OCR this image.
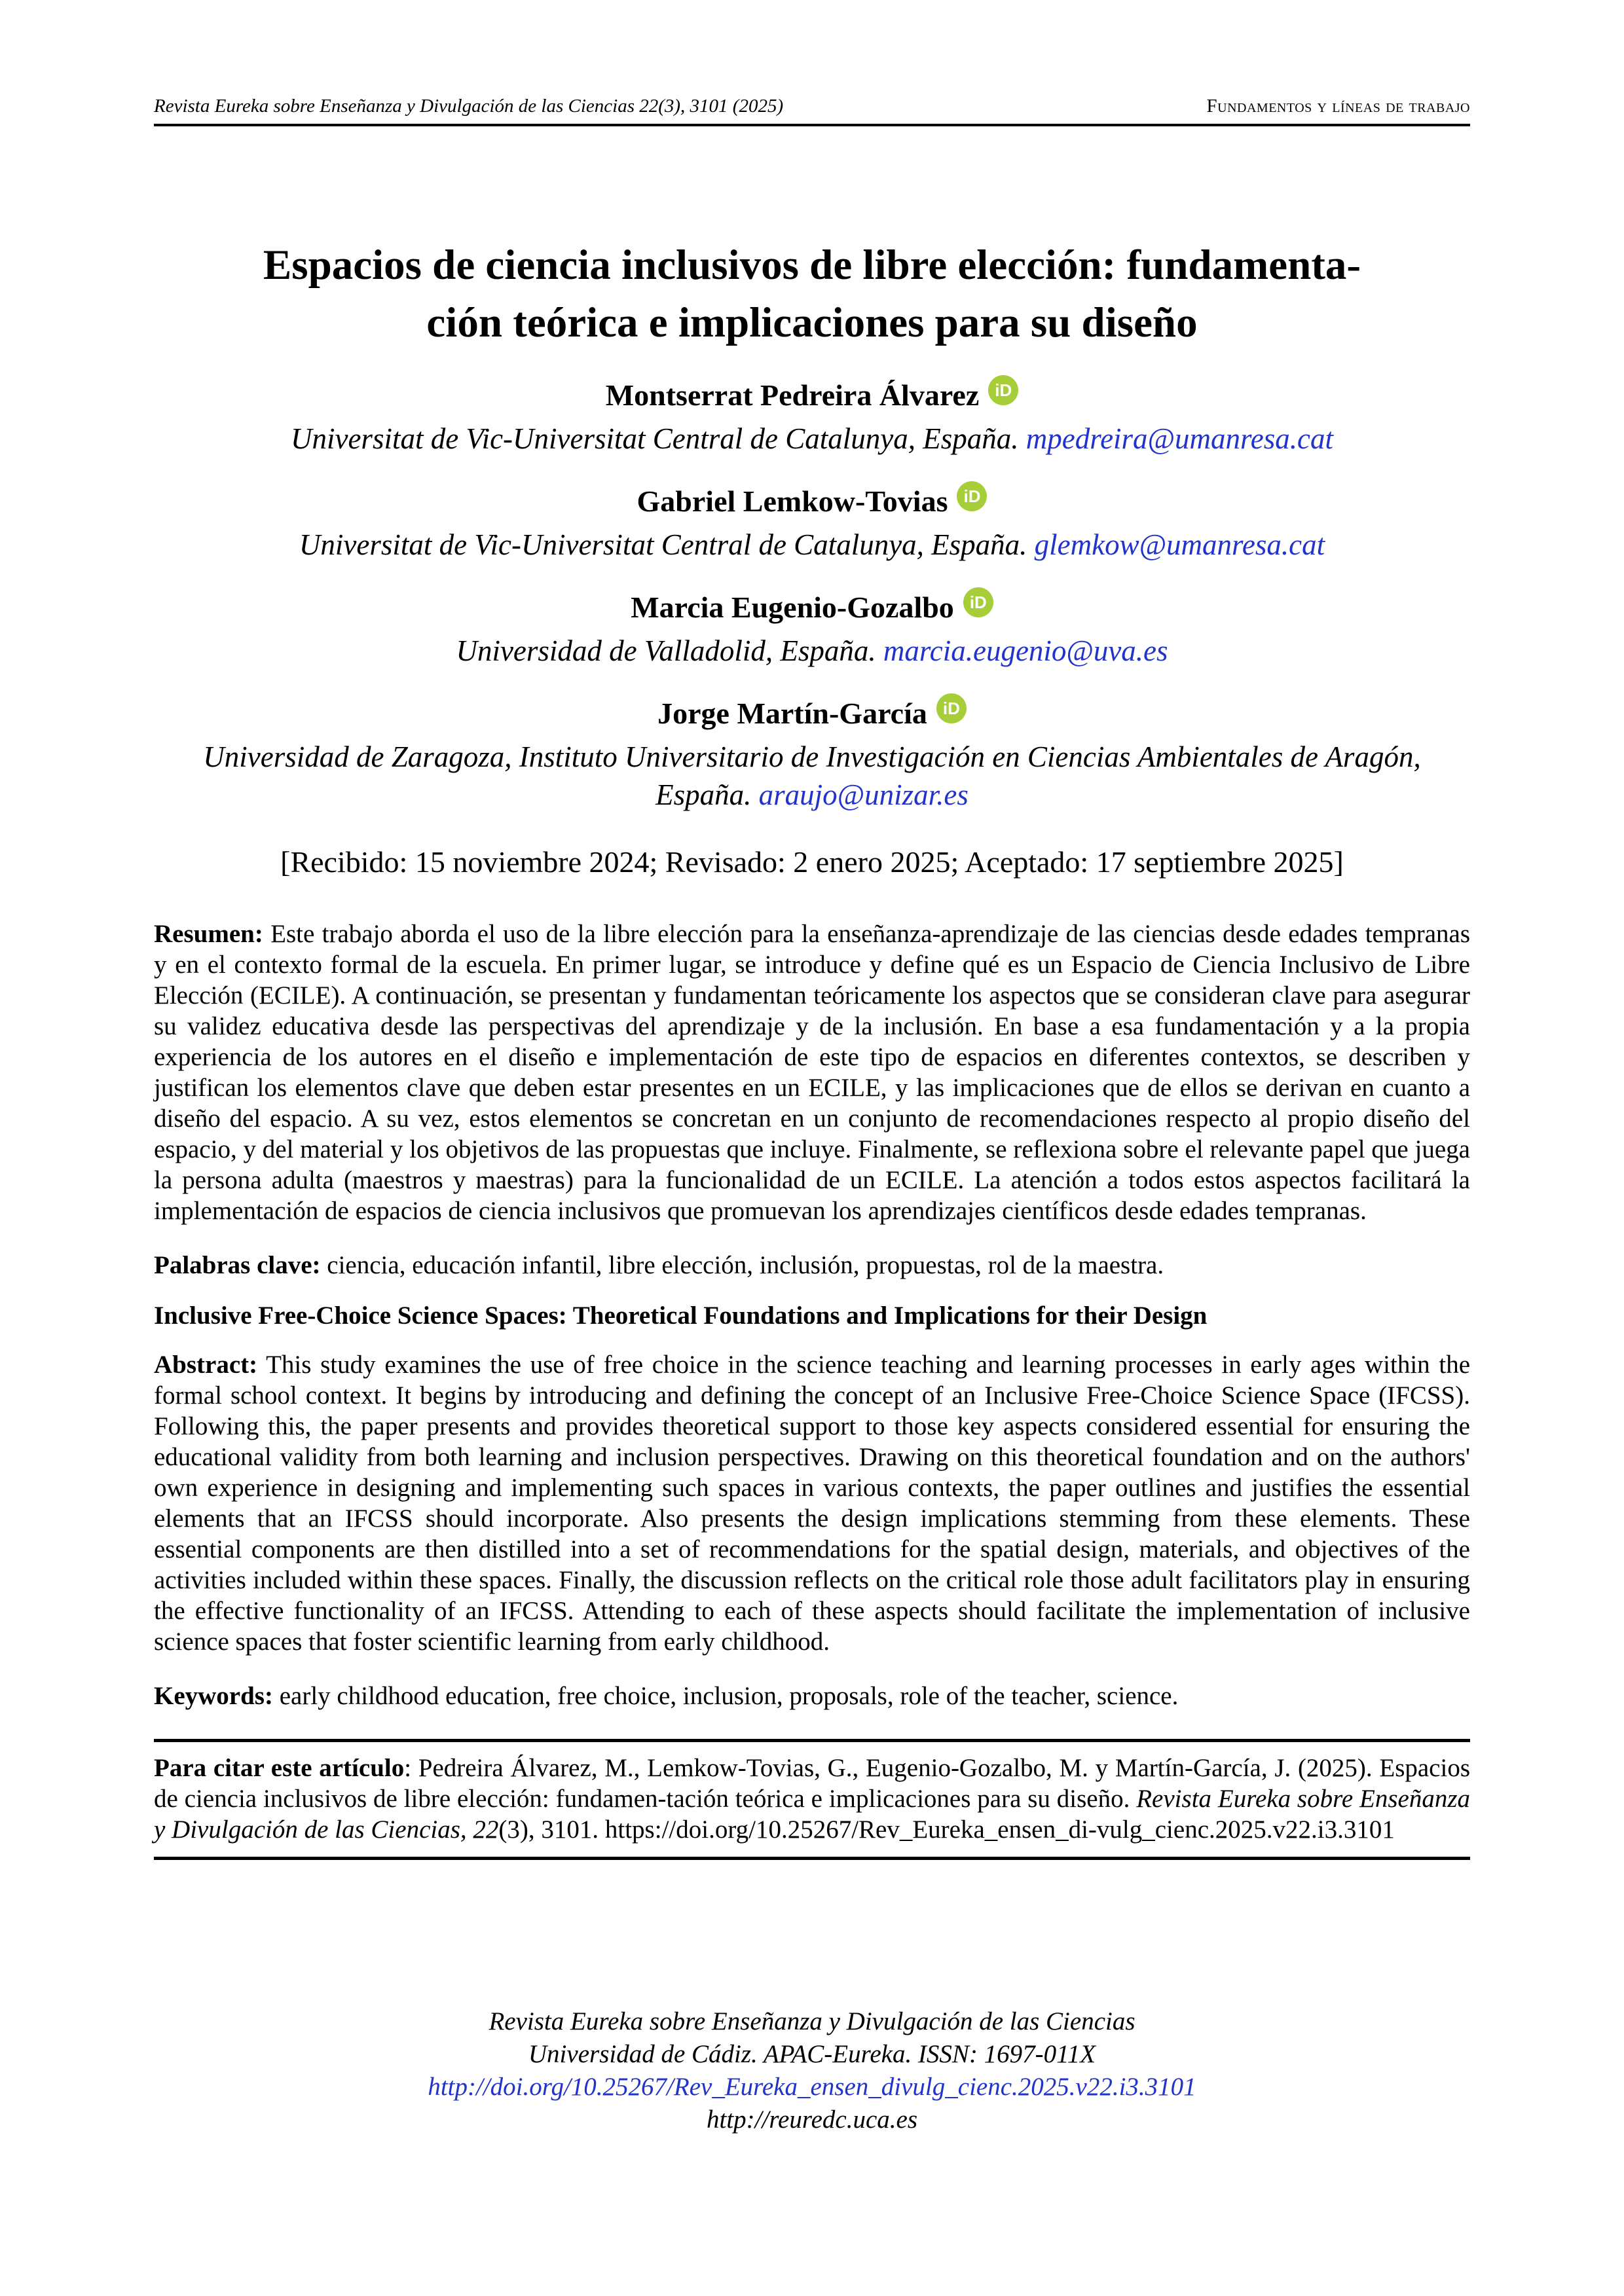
Revista Eureka sobre Enseñanza y Divulgación de las Ciencias 22(3), 3101 (2025)	Fundamentos y líneas de trabajo
Espacios de ciencia inclusivos de libre elección: fundamenta-
ción teórica e implicaciones para su diseño

Montserrat Pedreira Álvarez iD

Universitat de Vic-Universitat Central de Catalunya, España. mpedreira@umanresa.cat

Gabriel Lemkow-Tovias iD

Universitat de Vic-Universitat Central de Catalunya, España. glemkow@umanresa.cat

Marcia Eugenio-Gozalbo iD

Universidad de Valladolid, España. marcia.eugenio@uva.es

Jorge Martín-García iD

Universidad de Zaragoza, Instituto Universitario de Investigación en Ciencias Ambientales de Aragón, España. araujo@unizar.es

[Recibido: 15 noviembre 2024; Revisado: 2 enero 2025; Aceptado: 17 septiembre 2025]

Resumen: Este trabajo aborda el uso de la libre elección para la enseñanza-aprendizaje de las ciencias desde edades tempranas y en el contexto formal de la escuela. En primer lugar, se introduce y define qué es un Espacio de Ciencia Inclusivo de Libre Elección (ECILE). A continuación, se presentan y fundamentan teóricamente los aspectos que se consideran clave para asegurar su validez educativa desde las perspectivas del aprendizaje y de la inclusión. En base a esa fundamentación y a la propia experiencia de los autores en el diseño e implementación de este tipo de espacios en diferentes contextos, se describen y justifican los elementos clave que deben estar presentes en un ECILE, y las implicaciones que de ellos se derivan en cuanto a diseño del espacio. A su vez, estos elementos se concretan en un conjunto de recomendaciones respecto al propio diseño del espacio, y del material y los objetivos de las propuestas que incluye. Finalmente, se reflexiona sobre el relevante papel que juega la persona adulta (maestros y maestras) para la funcionalidad de un ECILE. La atención a todos estos aspectos facilitará la implementación de espacios de ciencia inclusivos que promuevan los aprendizajes científicos desde edades tempranas.

Palabras clave: ciencia, educación infantil, libre elección, inclusión, propuestas, rol de la maestra.

Inclusive Free-Choice Science Spaces: Theoretical Foundations and Implications for their Design

Abstract: This study examines the use of free choice in the science teaching and learning processes in early ages within the formal school context. It begins by introducing and defining the concept of an Inclusive Free-Choice Science Space (IFCSS). Following this, the paper presents and provides theoretical support to those key aspects considered essential for ensuring the educational validity from both learning and inclusion perspectives. Drawing on this theoretical foundation and on the authors' own experience in designing and implementing such spaces in various contexts, the paper outlines and justifies the essential elements that an IFCSS should incorporate. Also presents the design implications stemming from these elements. These essential components are then distilled into a set of recommendations for the spatial design, materials, and objectives of the activities included within these spaces. Finally, the discussion reflects on the critical role those adult facilitators play in ensuring the effective functionality of an IFCSS. Attending to each of these aspects should facilitate the implementation of inclusive science spaces that foster scientific learning from early childhood.

Keywords: early childhood education, free choice, inclusion, proposals, role of the teacher, science.

Para citar este artículo: Pedreira Álvarez, M., Lemkow-Tovias, G., Eugenio-Gozalbo, M. y Martín-García, J. (2025). Espacios de ciencia inclusivos de libre elección: fundamen-tación teórica e implicaciones para su diseño. Revista Eureka sobre Enseñanza y Divulgación de las Ciencias, 22(3), 3101. https://doi.org/10.25267/Rev_Eureka_ensen_di-vulg_cienc.2025.v22.i3.3101

Revista Eureka sobre Enseñanza y Divulgación de las Ciencias

Universidad de Cádiz. APAC-Eureka. ISSN: 1697-011X

http://doi.org/10.25267/Rev_Eureka_ensen_divulg_cienc.2025.v22.i3.3101

http://reuredc.uca.es
